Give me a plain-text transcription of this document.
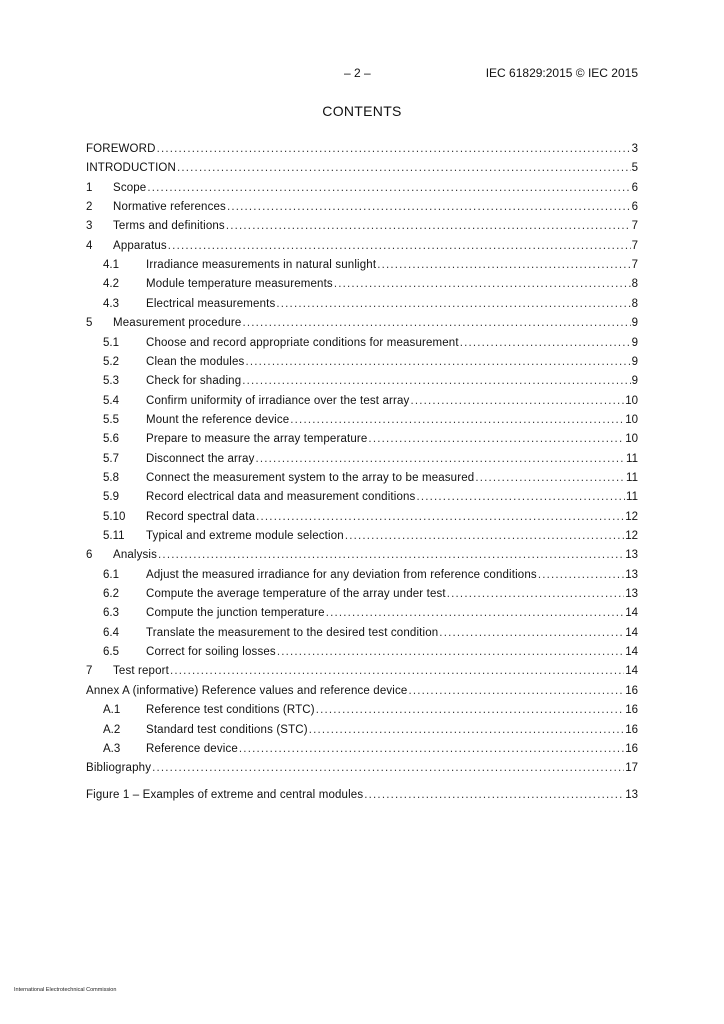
– 2 –	IEC 61829:2015 © IEC 2015
CONTENTS
FOREWORD .....	3
INTRODUCTION .....	5
1	Scope .....	6
2	Normative references .....	6
3	Terms and definitions .....	7
4	Apparatus .....	7
4.1	Irradiance measurements in natural sunlight .....	7
4.2	Module temperature measurements .....	8
4.3	Electrical measurements .....	8
5	Measurement procedure .....	9
5.1	Choose and record appropriate conditions for measurement .....	9
5.2	Clean the modules .....	9
5.3	Check for shading .....	9
5.4	Confirm uniformity of irradiance over the test array .....	10
5.5	Mount the reference device .....	10
5.6	Prepare to measure the array temperature .....	10
5.7	Disconnect the array .....	11
5.8	Connect the measurement system to the array to be measured .....	11
5.9	Record electrical data and measurement conditions .....	11
5.10	Record spectral data .....	12
5.11	Typical and extreme module selection .....	12
6	Analysis .....	13
6.1	Adjust the measured irradiance for any deviation from reference conditions .....	13
6.2	Compute the average temperature of the array under test .....	13
6.3	Compute the junction temperature .....	14
6.4	Translate the measurement to the desired test condition .....	14
6.5	Correct for soiling losses .....	14
7	Test report .....	14
Annex A (informative) Reference values and reference device .....	16
A.1	Reference test conditions (RTC) .....	16
A.2	Standard test conditions (STC) .....	16
A.3	Reference device .....	16
Bibliography .....	17
Figure 1 – Examples of extreme and central modules .....	13
International Electrotechnical Commission
